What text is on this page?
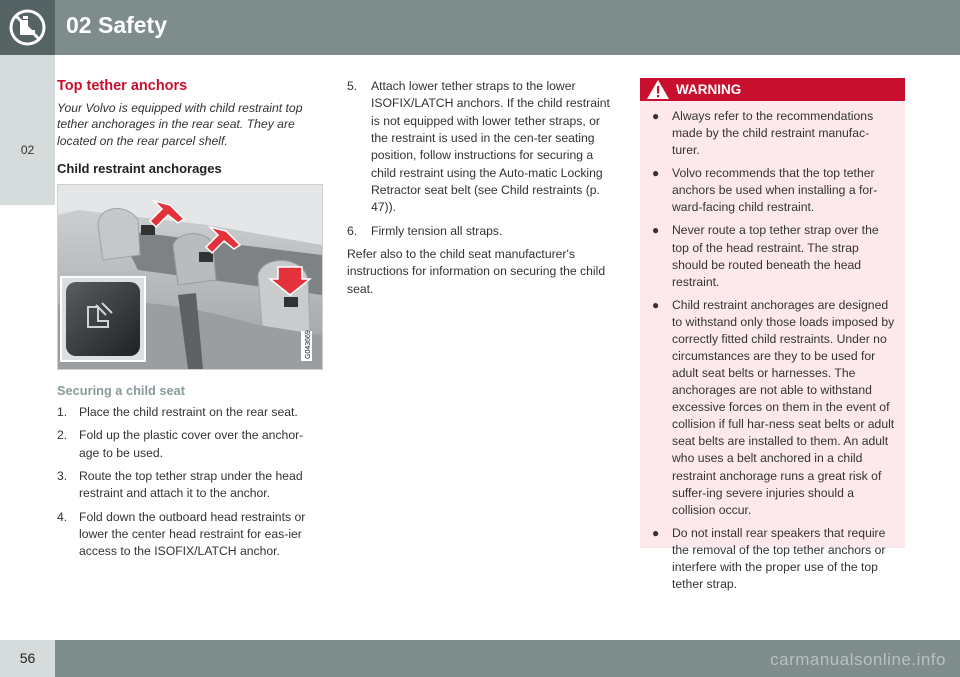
02 Safety
02
Top tether anchors

Your Volvo is equipped with child restraint top tether anchorages in the rear seat. They are located on the rear parcel shelf.

Child restraint anchorages
G043669
Securing a child seat
1. Place the child restraint on the rear seat.
2. Fold up the plastic cover over the anchor-age to be used.
3. Route the top tether strap under the head restraint and attach it to the anchor.
4. Fold down the outboard head restraints or lower the center head restraint for eas-ier access to the ISOFIX/LATCH anchor.
5. Attach lower tether straps to the lower ISOFIX/LATCH anchors. If the child restraint is not equipped with lower tether straps, or the restraint is used in the cen-ter seating position, follow instructions for securing a child restraint using the Auto-matic Locking Retractor seat belt (see Child restraints (p. 47)).
6. Firmly tension all straps.

Refer also to the child seat manufacturer's instructions for information on securing the child seat.

WARNING
● Always refer to the recommendations made by the child restraint manufac-turer.
● Volvo recommends that the top tether anchors be used when installing a for-ward-facing child restraint.
● Never route a top tether strap over the top of the head restraint. The strap should be routed beneath the head restraint.
● Child restraint anchorages are designed to withstand only those loads imposed by correctly fitted child restraints. Under no circumstances are they to be used for adult seat belts or harnesses. The anchorages are not able to withstand excessive forces on them in the event of collision if full har-ness seat belts or adult seat belts are installed to them. An adult who uses a belt anchored in a child restraint anchorage runs a great risk of suffer-ing severe injuries should a collision occur.
● Do not install rear speakers that require the removal of the top tether anchors or interfere with the proper use of the top tether strap.
56	carmanualsonline.info
